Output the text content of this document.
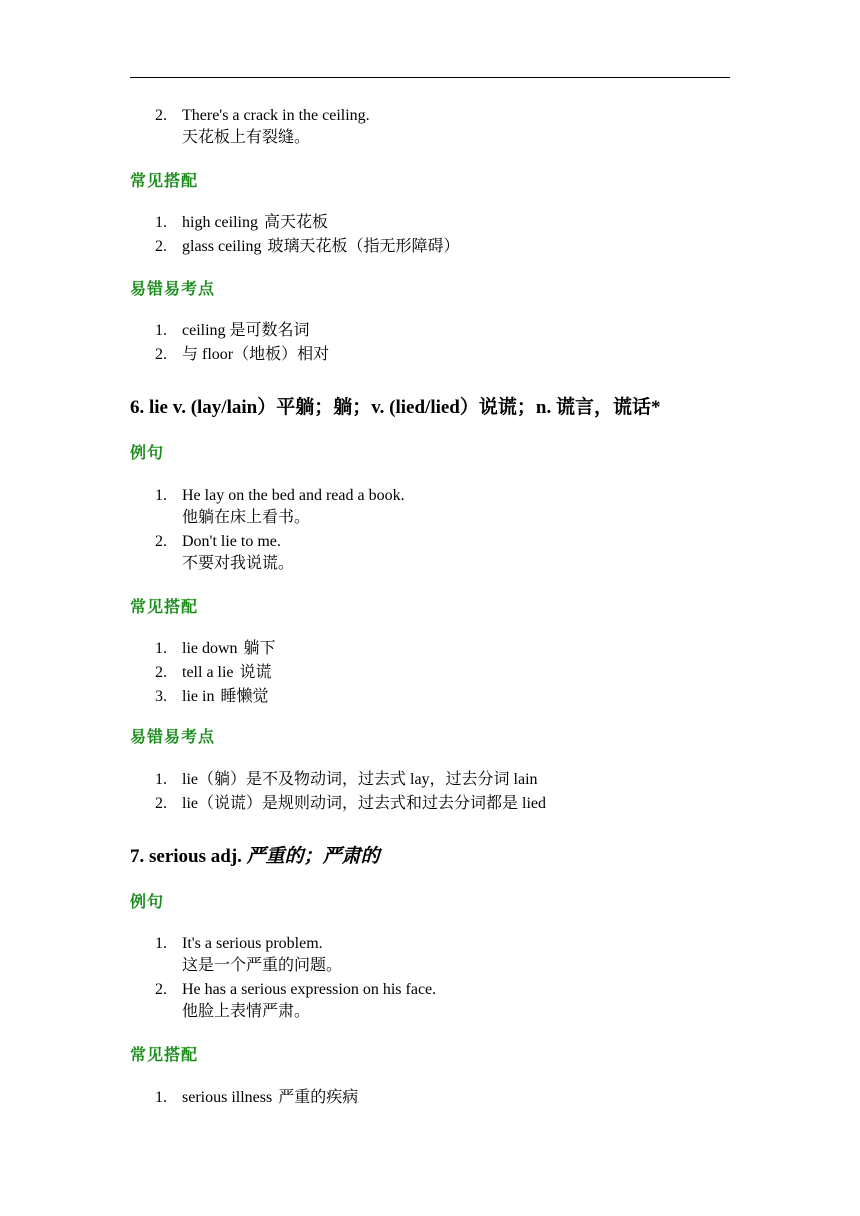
2. There's a crack in the ceiling.
天花板上有裂缝。
常见搭配
1. high ceiling 高天花板
2. glass ceiling 玻璃天花板（指无形障碍）
易错易考点
1. ceiling 是可数名词
2. 与 floor（地板）相对
6. lie v. (lay/lain）平躺；躺；v. (lied/lied）说谎；n. 谎言，谎话*
例句
1. He lay on the bed and read a book.
他躺在床上看书。
2. Don't lie to me.
不要对我说谎。
常见搭配
1. lie down 躺下
2. tell a lie 说谎
3. lie in 睡懒觉
易错易考点
1. lie（躺）是不及物动词，过去式 lay，过去分词 lain
2. lie（说谎）是规则动词，过去式和过去分词都是 lied
7. serious adj. 严重的；严肃的
例句
1. It's a serious problem.
这是一个严重的问题。
2. He has a serious expression on his face.
他脸上表情严肃。
常见搭配
1. serious illness 严重的疾病
